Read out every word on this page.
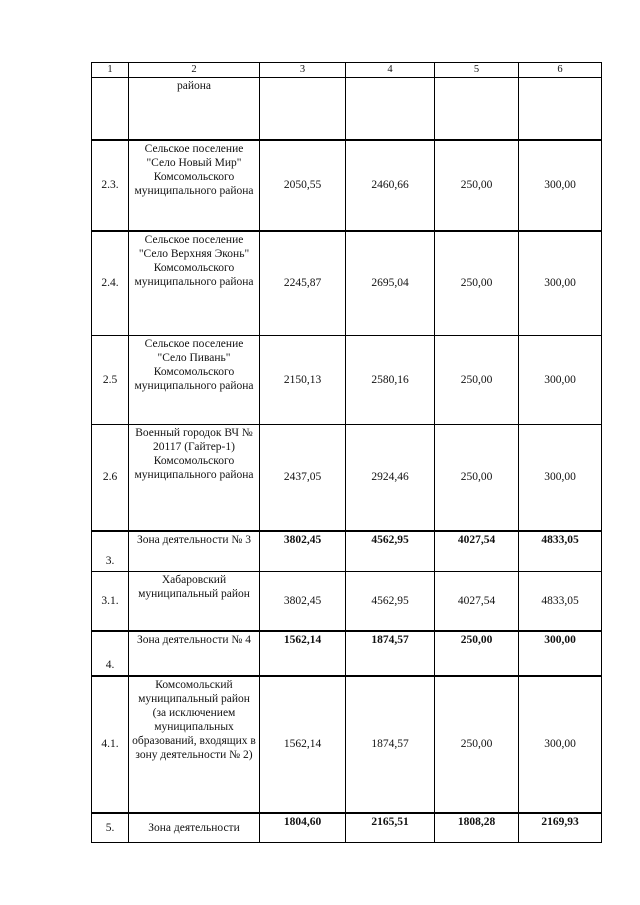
1	2	3	4	5	6
	района				
2.3.	Сельское поселение "Село Новый Мир" Комсомольского муниципального района	2050,55	2460,66	250,00	300,00
2.4.	Сельское поселение "Село Верхняя Эконь" Комсомольского муниципального района	2245,87	2695,04	250,00	300,00
2.5	Сельское поселение "Село Пивань" Комсомольского муниципального района	2150,13	2580,16	250,00	300,00
2.6	Военный городок ВЧ № 20117 (Гайтер-1) Комсомольского муниципального района	2437,05	2924,46	250,00	300,00
3.	Зона деятельности № 3	3802,45	4562,95	4027,54	4833,05
3.1.	Хабаровский муниципальный район	3802,45	4562,95	4027,54	4833,05
4.	Зона деятельности № 4	1562,14	1874,57	250,00	300,00
4.1.	Комсомольский муниципальный район (за исключением муниципальных образований, входящих в зону деятельности № 2)	1562,14	1874,57	250,00	300,00
5.	Зона деятельности	1804,60	2165,51	1808,28	2169,93
